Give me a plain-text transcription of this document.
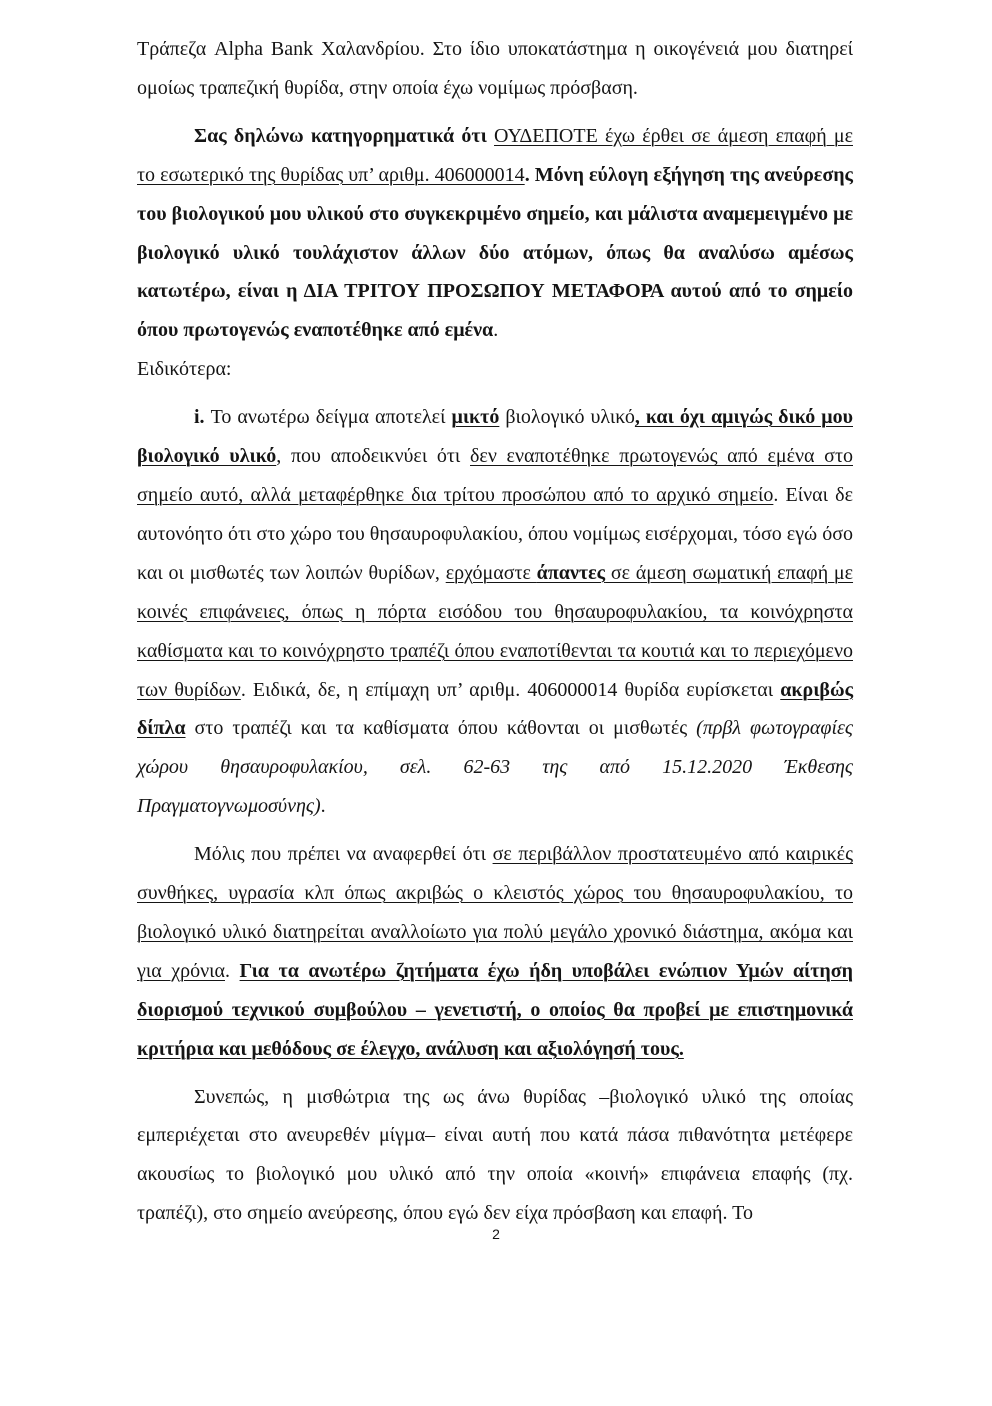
Τράπεζα Alpha Bank Χαλανδρίου. Στο ίδιο υποκατάστημα η οικογένειά μου διατηρεί ομοίως τραπεζική θυρίδα, στην οποία έχω νομίμως πρόσβαση.

Σας δηλώνω κατηγορηματικά ότι ΟΥΔΕΠΟΤΕ έχω έρθει σε άμεση επαφή με το εσωτερικό της θυρίδας υπ’ αριθμ. 406000014. Μόνη εύλογη εξήγηση της ανεύρεσης του βιολογικού μου υλικού στο συγκεκριμένο σημείο, και μάλιστα αναμεμειγμένο με βιολογικό υλικό τουλάχιστον άλλων δύο ατόμων, όπως θα αναλύσω αμέσως κατωτέρω, είναι η ΔΙΑ ΤΡΙΤΟΥ ΠΡΟΣΩΠΟΥ ΜΕΤΑΦΟΡΑ αυτού από το σημείο όπου πρωτογενώς εναποτέθηκε από εμένα.
Ειδικότερα:

i. Το ανωτέρω δείγμα αποτελεί μικτό βιολογικό υλικό, και όχι αμιγώς δικό μου βιολογικό υλικό, που αποδεικνύει ότι δεν εναποτέθηκε πρωτογενώς από εμένα στο σημείο αυτό, αλλά μεταφέρθηκε δια τρίτου προσώπου από το αρχικό σημείο. Είναι δε αυτονόητο ότι στο χώρο του θησαυροφυλακίου, όπου νομίμως εισέρχομαι, τόσο εγώ όσο και οι μισθωτές των λοιπών θυρίδων, ερχόμαστε άπαντες σε άμεση σωματική επαφή με κοινές επιφάνειες, όπως η πόρτα εισόδου του θησαυροφυλακίου, τα κοινόχρηστα καθίσματα και το κοινόχρηστο τραπέζι όπου εναποτίθενται τα κουτιά και το περιεχόμενο των θυρίδων. Ειδικά, δε, η επίμαχη υπ’ αριθμ. 406000014 θυρίδα ευρίσκεται ακριβώς δίπλα στο τραπέζι και τα καθίσματα όπου κάθονται οι μισθωτές (πρβλ φωτογραφίες χώρου θησαυροφυλακίου, σελ. 62-63 της από 15.12.2020 Έκθεσης Πραγματογνωμοσύνης).

Μόλις που πρέπει να αναφερθεί ότι σε περιβάλλον προστατευμένο από καιρικές συνθήκες, υγρασία κλπ όπως ακριβώς ο κλειστός χώρος του θησαυροφυλακίου, το βιολογικό υλικό διατηρείται αναλλοίωτο για πολύ μεγάλο χρονικό διάστημα, ακόμα και για χρόνια. Για τα ανωτέρω ζητήματα έχω ήδη υποβάλει ενώπιον Υμών αίτηση διορισμού τεχνικού συμβούλου – γενετιστή, ο οποίος θα προβεί με επιστημονικά κριτήρια και μεθόδους σε έλεγχο, ανάλυση και αξιολόγησή τους.

Συνεπώς, η μισθώτρια της ως άνω θυρίδας –βιολογικό υλικό της οποίας εμπεριέχεται στο ανευρεθέν μίγμα– είναι αυτή που κατά πάσα πιθανότητα μετέφερε ακουσίως το βιολογικό μου υλικό από την οποία «κοινή» επιφάνεια επαφής (πχ. τραπέζι), στο σημείο ανεύρεσης, όπου εγώ δεν είχα πρόσβαση και επαφή. Το

2
